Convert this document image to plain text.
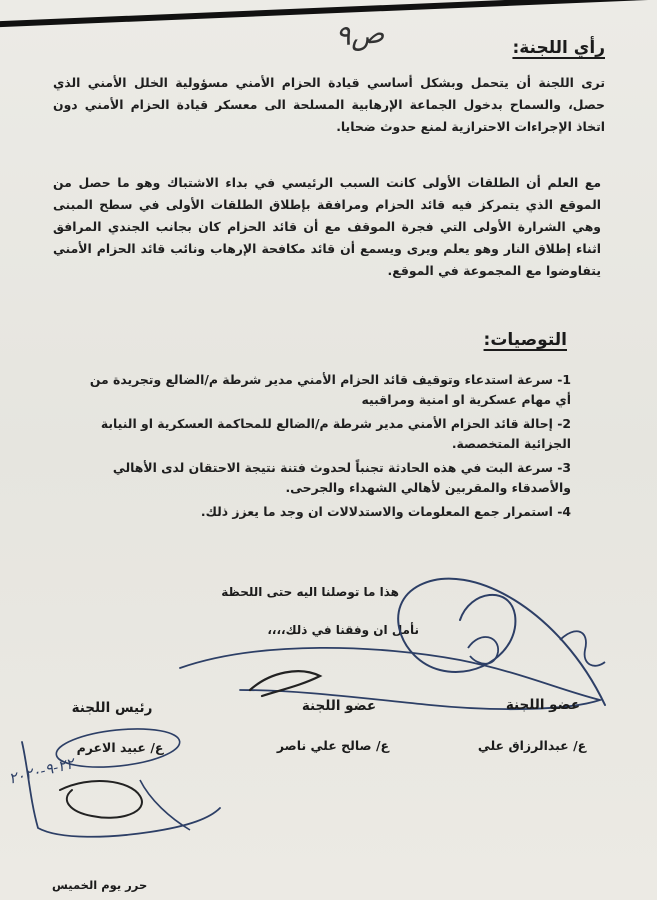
ص٩	رأي اللجنة:

ترى اللجنة أن يتحمل وبشكل أساسي قيادة الحزام الأمني مسؤولية الخلل الأمني الذي حصل، والسماح بدخول الجماعة الإرهابية المسلحة الى معسكر قيادة الحزام الأمني دون اتخاذ الإجراءات الاحترازية لمنع حدوث ضحايا.

مع العلم أن الطلقات الأولى كانت السبب الرئيسي في بداء الاشتباك وهو ما حصل من الموقع الذي يتمركز فيه قائد الحزام ومرافقة بإطلاق الطلقات الأولى في سطح المبنى وهي الشرارة الأولى التي فجرة الموقف مع أن قائد الحزام كان بجانب الجندي المرافق اثناء إطلاق النار وهو يعلم ويرى ويسمع أن قائد مكافحة الإرهاب ونائب قائد الحزام الأمني يتفاوضوا مع المجموعة في الموقع.

التوصيات:
1- سرعة استدعاء وتوقيف قائد الحزام الأمني مدير شرطة م/الضالع وتجريدة من أي مهام عسكرية او امنية ومراقبيه
2- إحالة قائد الحزام الأمني مدير شرطة م/الضالع للمحاكمة العسكرية او النيابة الجزائية المتخصصة.
3- سرعة البت في هذه الحادثة تجنباً لحدوث فتنة نتيجة الاحتقان لدى الأهالي والأصدقاء والمقربين لأهالي الشهداء والجرحى.
4- استمرار جمع المعلومات والاستدلالات ان وجد ما يعزز ذلك.
هذا ما توصلنا اليه حتى اللحظة
نأمل ان وفقنا في ذلك،،،،
عضو اللجنة
ع/ عبدالرزاق علي
عضو اللجنة
ع/ صالح علي ناصر
رئيس اللجنة
ع/ عبيد الاعرم
٢٢-٩-٢٠٢٠
حرر يوم الخميس
